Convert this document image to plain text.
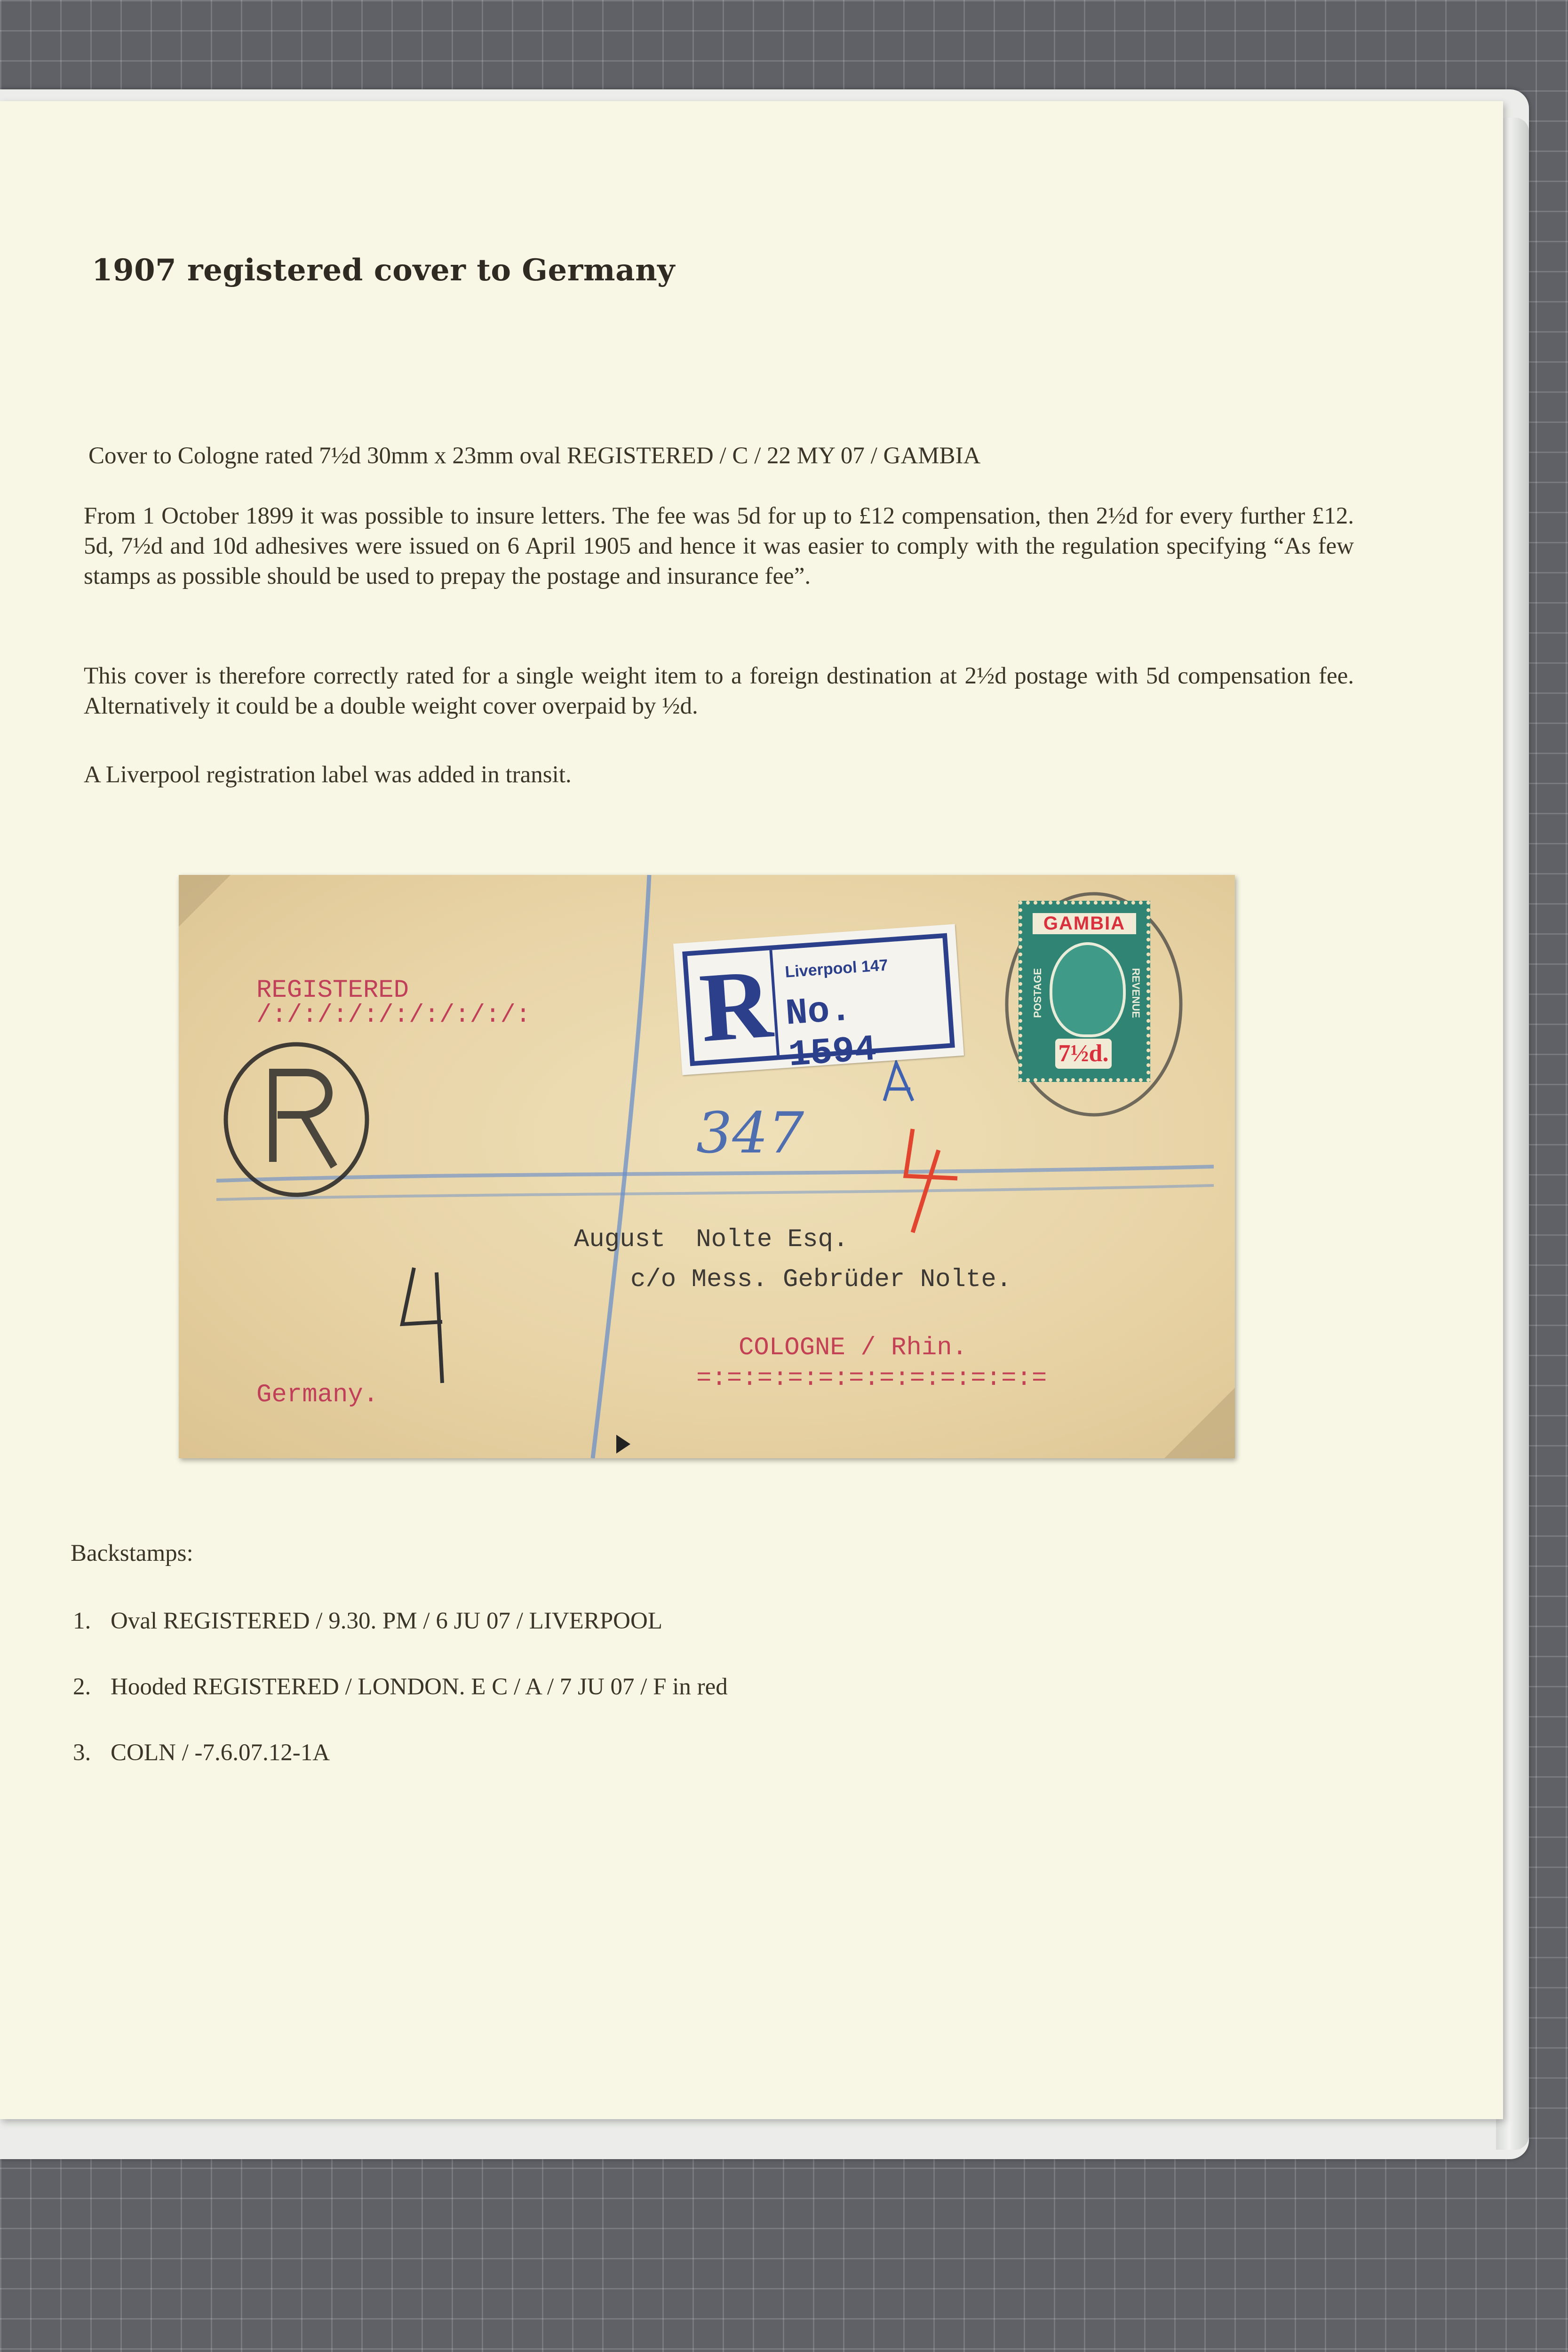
1907 registered cover to Germany
Cover to Cologne rated 7½d 30mm x 23mm oval REGISTERED / C / 22 MY 07 / GAMBIA
From 1 October 1899 it was possible to insure letters. The fee was 5d for up to £12 compensation, then 2½d for every further £12. 5d, 7½d and 10d adhesives were issued on 6 April 1905 and hence it was easier to comply with the regulation specifying “As few stamps as possible should be used to prepay the postage and insurance fee”.
This cover is therefore correctly rated for a single weight item to a foreign destination at 2½d postage with 5d compensation fee. Alternatively it could be a double weight cover overpaid by ½d.
A Liverpool registration label was added in transit.
347
REGISTERED
/:/:/:/:/:/:/:/:/: R Liverpool 147
No. 1594
GAMBIA
POSTAGE	REVENUE
7½d.
August  Nolte Esq.
c/o Mess. Gebrüder Nolte.
COLOGNE / Rhin.
=:=:=:=:=:=:=:=:=:=:=:=
Germany.
Backstamps:
1. Oval REGISTERED / 9.30. PM / 6 JU 07 / LIVERPOOL
2. Hooded REGISTERED / LONDON. E C / A / 7 JU 07 / F in red
3. COLN / -7.6.07.12-1A
